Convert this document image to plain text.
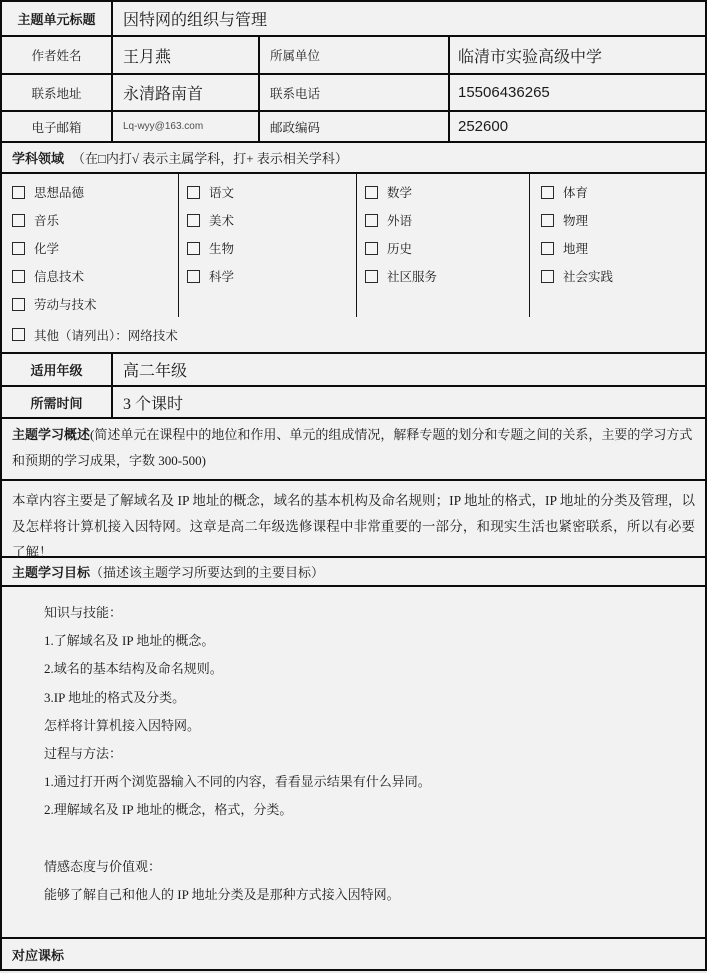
主题单元标题	因特网的组织与管理
作者姓名	王月燕	所属单位	临清市实验高级中学
联系地址	永清路南首	联系电话	15506436265
电子邮箱	Lq-wyy@163.com	邮政编码	252600
学科领域 （在□内打√ 表示主属学科，打+ 表示相关学科）
思想品德
音乐
化学
信息技术
劳动与技术
语文
美术
生物
科学
数学
外语
历史
社区服务
体育
物理
地理
社会实践
其他（请列出）：网络技术
适用年级	高二年级
所需时间	3 个课时
主题学习概述(简述单元在课程中的地位和作用、单元的组成情况，解释专题的划分和专题之间的关系，主要的学习方式和预期的学习成果，字数 300-500)
本章内容主要是了解域名及 IP 地址的概念，域名的基本机构及命名规则；IP 地址的格式，IP 地址的分类及管理，以及怎样将计算机接入因特网。这章是高二年级选修课程中非常重要的一部分，和现实生活也紧密联系，所以有必要了解！
主题学习目标 （描述该主题学习所要达到的主要目标）
知识与技能：
1.了解域名及 IP 地址的概念。
2.域名的基本结构及命名规则。
3.IP 地址的格式及分类。
怎样将计算机接入因特网。
过程与方法：
1.通过打开两个浏览器输入不同的内容，看看显示结果有什么异同。
2.理解域名及 IP 地址的概念，格式，分类。
情感态度与价值观：
能够了解自己和他人的 IP 地址分类及是那种方式接入因特网。
对应课标
